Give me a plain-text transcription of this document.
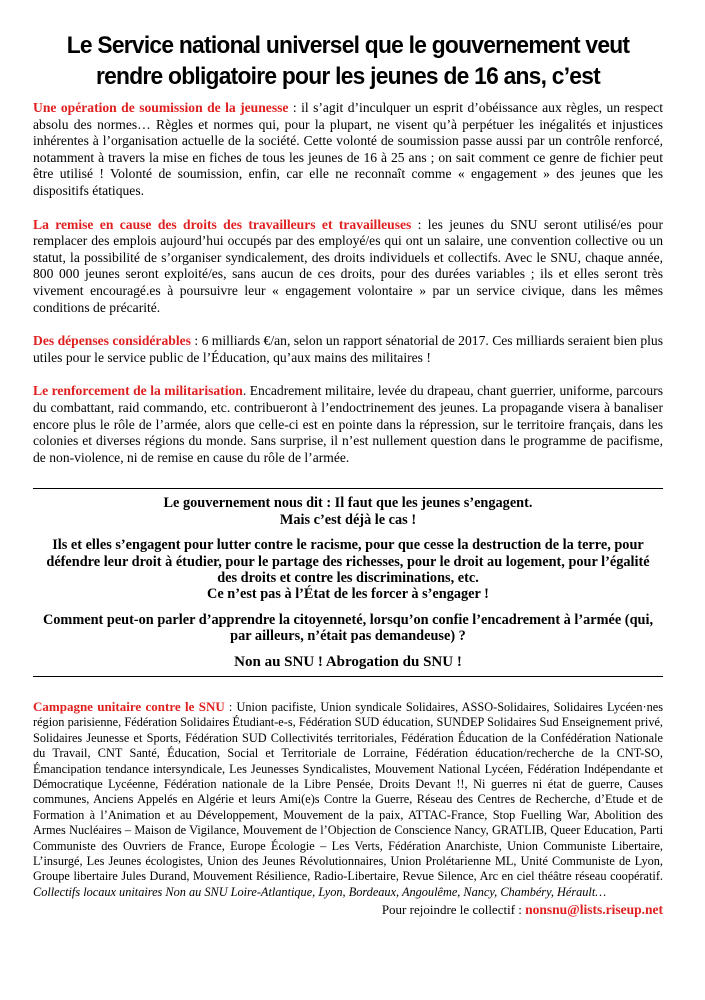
Le Service national universel que le gouvernement veut
rendre obligatoire pour les jeunes de 16 ans, c’est

Une opération de soumission de la jeunesse : il s’agit d’inculquer un esprit d’obéissance aux règles, un respect absolu des normes… Règles et normes qui, pour la plupart, ne visent qu’à perpétuer les inégalités et injustices inhérentes à l’organisation actuelle de la société. Cette volonté de soumission passe aussi par un contrôle renforcé, notamment à travers la mise en fiches de tous les jeunes de 16 à 25 ans ; on sait comment ce genre de fichier peut être utilisé ! Volonté de soumission, enfin, car elle ne reconnaît comme « engagement » des jeunes que les dispositifs étatiques.

La remise en cause des droits des travailleurs et travailleuses : les jeunes du SNU seront utilisé/es pour remplacer des emplois aujourd’hui occupés par des employé/es qui ont un salaire, une convention collective ou un statut, la possibilité de s’organiser syndicalement, des droits individuels et collectifs. Avec le SNU, chaque année, 800 000 jeunes seront exploité/es, sans aucun de ces droits, pour des durées variables ; ils et elles seront très vivement encouragé.es à poursuivre leur « engagement volontaire » par un service civique, dans les mêmes conditions de précarité.

Des dépenses considérables : 6 milliards €/an, selon un rapport sénatorial de 2017. Ces milliards seraient bien plus utiles pour le service public de l’Éducation, qu’aux mains des militaires !

Le renforcement de la militarisation. Encadrement militaire, levée du drapeau, chant guerrier, uniforme, parcours du combattant, raid commando, etc. contribueront à l’endoctrinement des jeunes. La propagande visera à banaliser encore plus le rôle de l’armée, alors que celle-ci est en pointe dans la répression, sur le territoire français, dans les colonies et diverses régions du monde. Sans surprise, il n’est nullement question dans le programme de pacifisme, de non-violence, ni de remise en cause du rôle de l’armée.

Le gouvernement nous dit : Il faut que les jeunes s’engagent.
Mais c’est déjà le cas !

Ils et elles s’engagent pour lutter contre le racisme, pour que cesse la destruction de la terre, pour défendre leur droit à étudier, pour le partage des richesses, pour le droit au logement, pour l’égalité des droits et contre les discriminations, etc.
Ce n’est pas à l’État de les forcer à s’engager !

Comment peut-on parler d’apprendre la citoyenneté, lorsqu’on confie l’encadrement à l’armée (qui, par ailleurs, n’était pas demandeuse) ?

Non au SNU ! Abrogation du SNU !

Campagne unitaire contre le SNU : Union pacifiste, Union syndicale Solidaires, ASSO-Solidaires, Solidaires Lycéen·nes région parisienne, Fédération Solidaires Étudiant-e-s, Fédération SUD éducation, SUNDEP Solidaires Sud Enseignement privé, Solidaires Jeunesse et Sports, Fédération SUD Collectivités territoriales, Fédération Éducation de la Confédération Nationale du Travail, CNT Santé, Éducation, Social et Territoriale de Lorraine, Fédération éducation/recherche de la CNT-SO, Émancipation tendance intersyndicale, Les Jeunesses Syndicalistes, Mouvement National Lycéen, Fédération Indépendante et Démocratique Lycéenne, Fédération nationale de la Libre Pensée, Droits Devant !!, Ni guerres ni état de guerre, Causes communes, Anciens Appelés en Algérie et leurs Ami(e)s Contre la Guerre, Réseau des Centres de Recherche, d’Etude et de Formation à l’Animation et au Développement, Mouvement de la paix, ATTAC-France, Stop Fuelling War, Abolition des Armes Nucléaires – Maison de Vigilance, Mouvement de l’Objection de Conscience Nancy, GRATLIB, Queer Education, Parti Communiste des Ouvriers de France, Europe Écologie – Les Verts, Fédération Anarchiste, Union Communiste Libertaire, L’insurgé, Les Jeunes écologistes, Union des Jeunes Révolutionnaires, Union Prolétarienne ML, Unité Communiste de Lyon, Groupe libertaire Jules Durand, Mouvement Résilience, Radio-Libertaire, Revue Silence, Arc en ciel théâtre réseau coopératif. Collectifs locaux unitaires Non au SNU Loire-Atlantique, Lyon, Bordeaux, Angoulême, Nancy, Chambéry, Hérault…

Pour rejoindre le collectif : nonsnu@lists.riseup.net
